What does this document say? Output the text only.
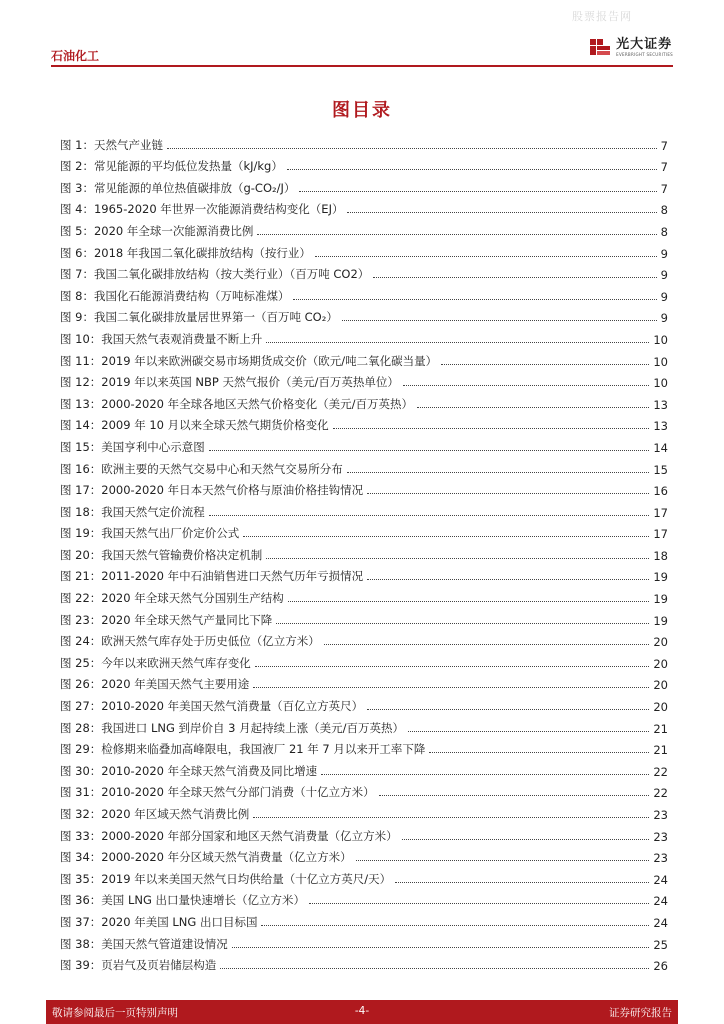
股票报告网
石油化工
光大证券
EVERBRIGHT SECURITIES
图目录
图 1：天然气产业链	7
图 2：常见能源的平均低位发热量（kJ/kg）	7
图 3：常见能源的单位热值碳排放（g-CO₂/J）	7
图 4：1965-2020 年世界一次能源消费结构变化（EJ）	8
图 5：2020 年全球一次能源消费比例	8
图 6：2018 年我国二氧化碳排放结构（按行业）	9
图 7：我国二氧化碳排放结构（按大类行业）（百万吨 CO2）	9
图 8：我国化石能源消费结构（万吨标准煤）	9
图 9：我国二氧化碳排放量居世界第一（百万吨 CO₂）	9
图 10：我国天然气表观消费量不断上升	10
图 11：2019 年以来欧洲碳交易市场期货成交价（欧元/吨二氧化碳当量）	10
图 12：2019 年以来英国 NBP 天然气报价（美元/百万英热单位）	10
图 13：2000-2020 年全球各地区天然气价格变化（美元/百万英热）	13
图 14：2009 年 10 月以来全球天然气期货价格变化	13
图 15：美国亨利中心示意图	14
图 16：欧洲主要的天然气交易中心和天然气交易所分布	15
图 17：2000-2020 年日本天然气价格与原油价格挂钩情况	16
图 18：我国天然气定价流程	17
图 19：我国天然气出厂价定价公式	17
图 20：我国天然气管输费价格决定机制	18
图 21：2011-2020 年中石油销售进口天然气历年亏损情况	19
图 22：2020 年全球天然气分国别生产结构	19
图 23：2020 年全球天然气产量同比下降	19
图 24：欧洲天然气库存处于历史低位（亿立方米）	20
图 25：今年以来欧洲天然气库存变化	20
图 26：2020 年美国天然气主要用途	20
图 27：2010-2020 年美国天然气消费量（百亿立方英尺）	20
图 28：我国进口 LNG 到岸价自 3 月起持续上涨（美元/百万英热）	21
图 29：检修期来临叠加高峰限电，我国液厂 21 年 7 月以来开工率下降	21
图 30：2010-2020 年全球天然气消费及同比增速	22
图 31：2010-2020 年全球天然气分部门消费（十亿立方米）	22
图 32：2020 年区域天然气消费比例	23
图 33：2000-2020 年部分国家和地区天然气消费量（亿立方米）	23
图 34：2000-2020 年分区域天然气消费量（亿立方米）	23
图 35：2019 年以来美国天然气日均供给量（十亿立方英尺/天）	24
图 36：美国 LNG 出口量快速增长（亿立方米）	24
图 37：2020 年美国 LNG 出口目标国	24
图 38：美国天然气管道建设情况	25
图 39：页岩气及页岩储层构造	26
敬请参阅最后一页特别声明	-4-	证券研究报告
